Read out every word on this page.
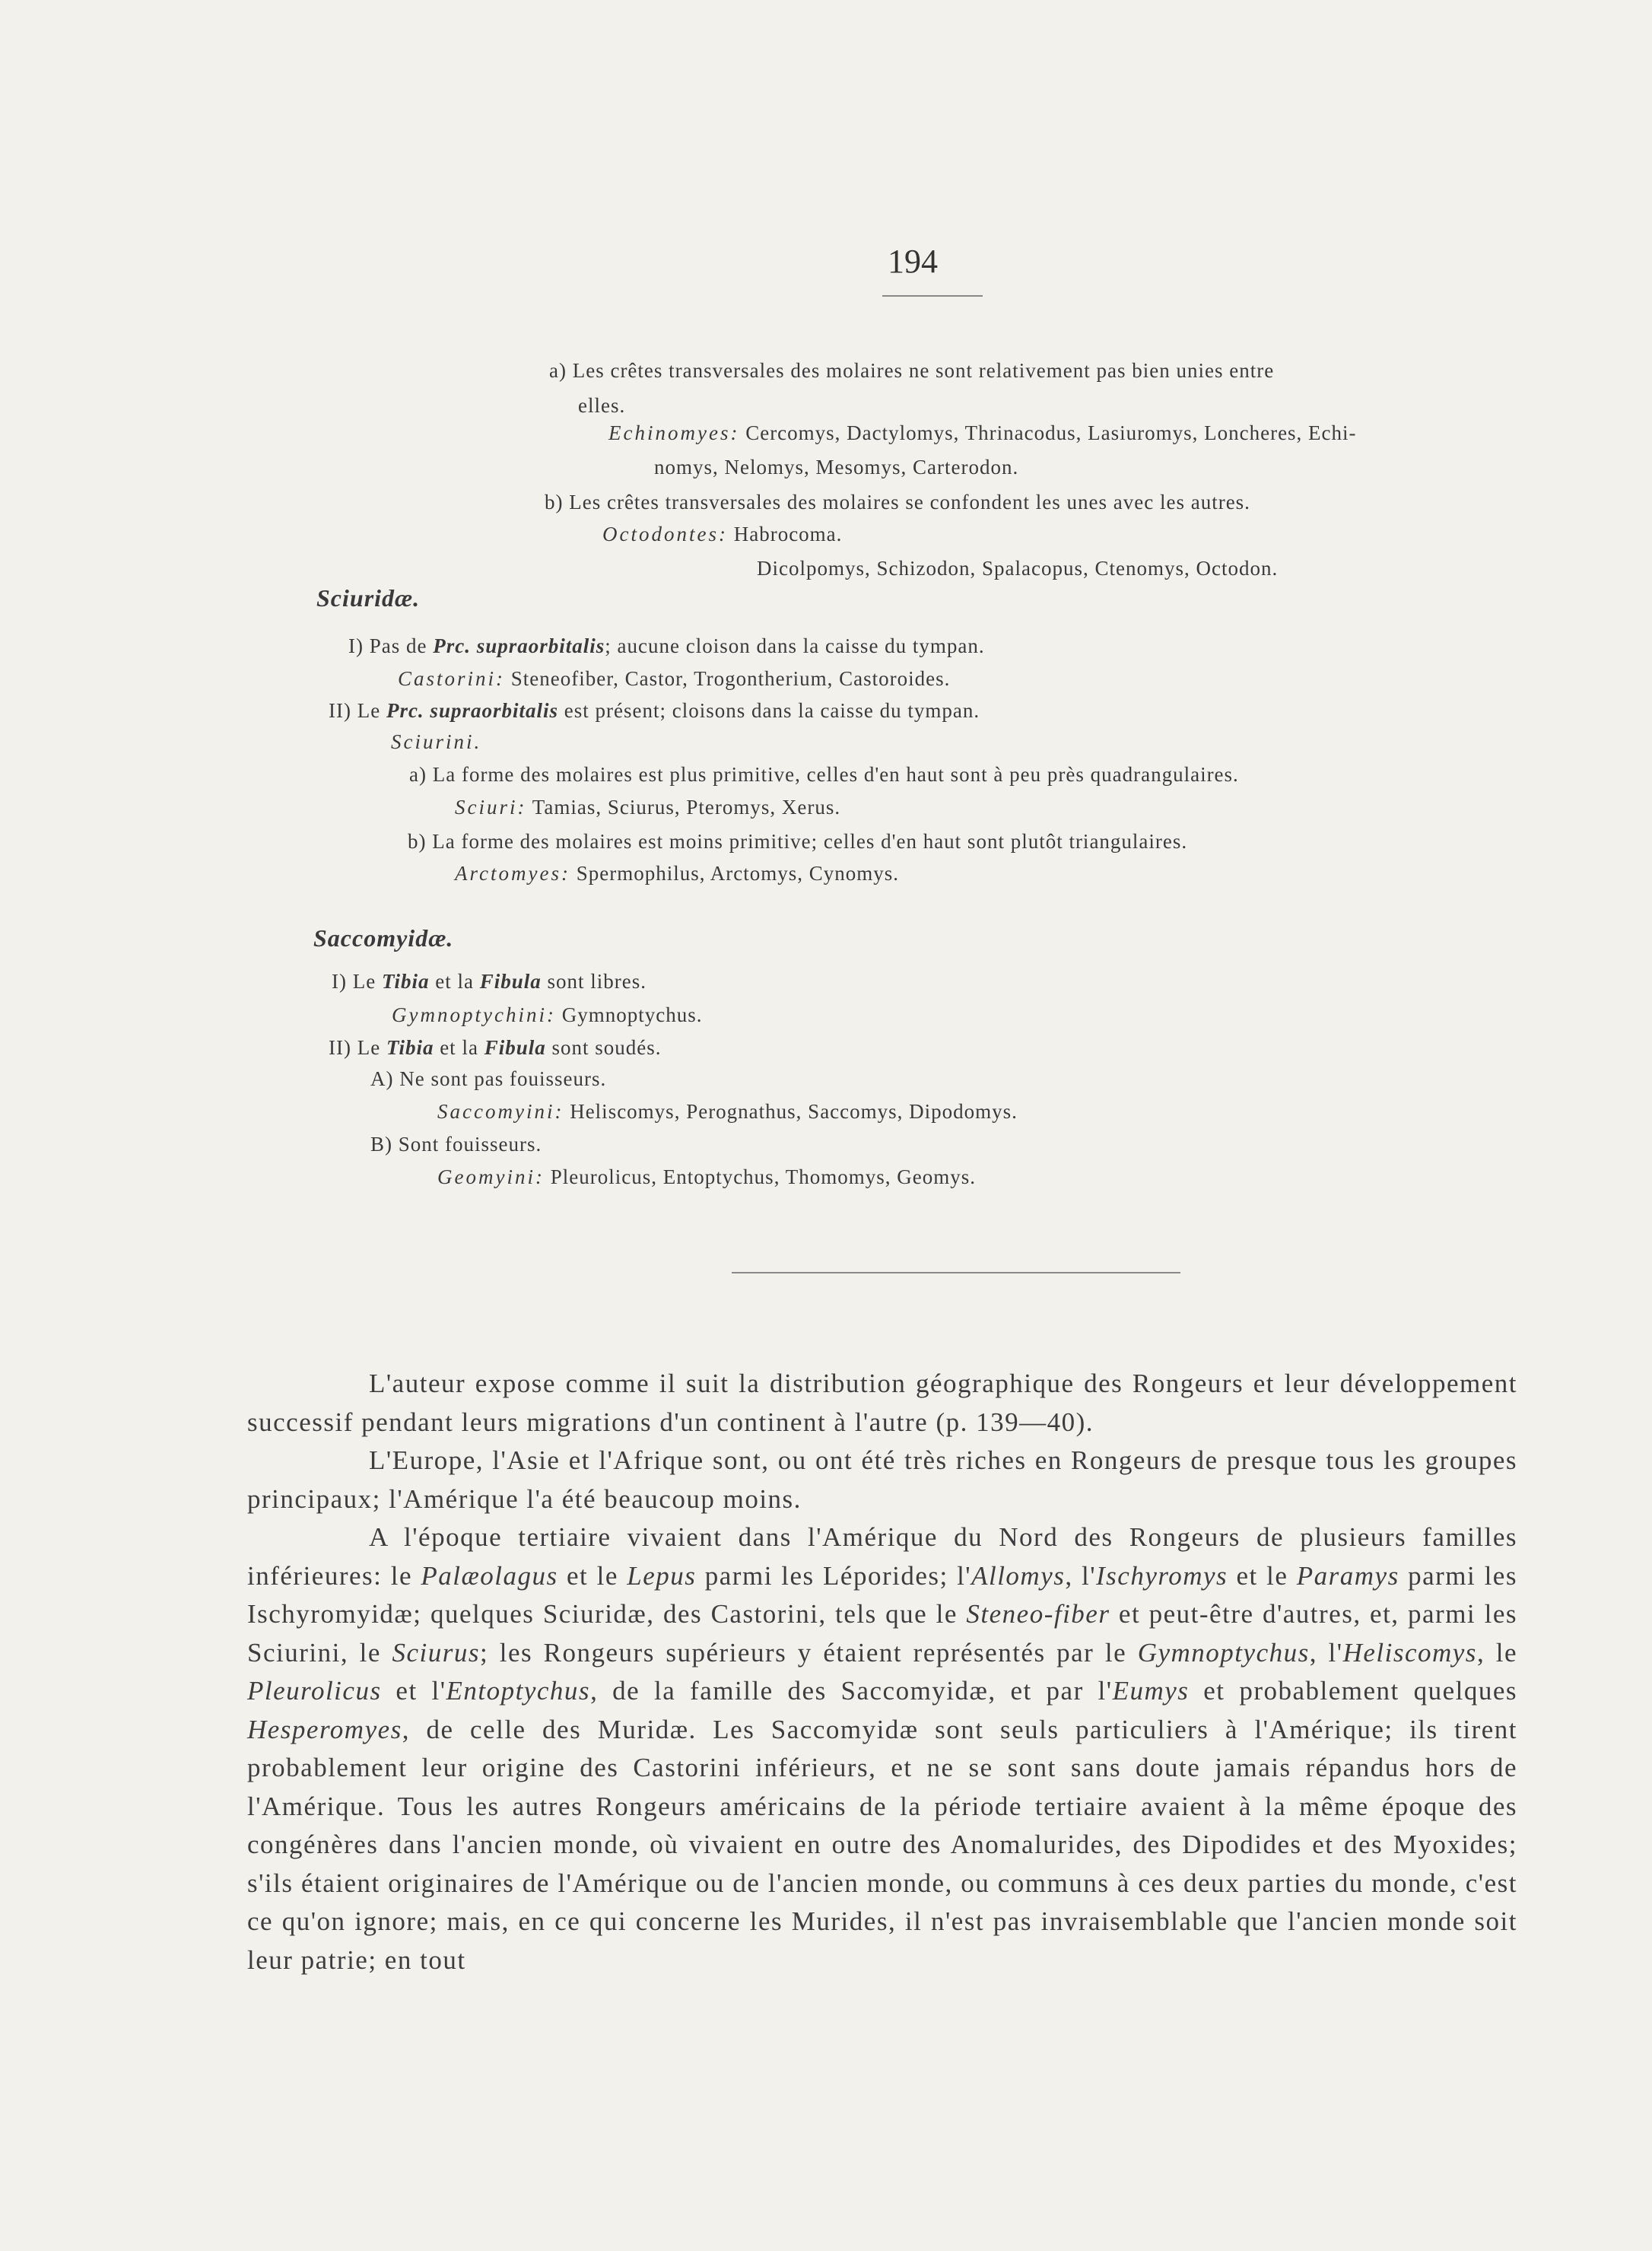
194
a) Les crêtes transversales des molaires ne sont relativement pas bien unies entre
elles.
Echinomyes: Cercomys, Dactylomys, Thrinacodus, Lasiuromys, Loncheres, Echi-
nomys, Nelomys, Mesomys, Carterodon.
b) Les crêtes transversales des molaires se confondent les unes avec les autres.
Octodontes: Habrocoma.
Dicolpomys, Schizodon, Spalacopus, Ctenomys, Octodon.
Sciuridæ.
I) Pas de Prc. supraorbitalis; aucune cloison dans la caisse du tympan.
Castorini: Steneofiber, Castor, Trogontherium, Castoroides.
II) Le Prc. supraorbitalis est présent; cloisons dans la caisse du tympan.
Sciurini.
a) La forme des molaires est plus primitive, celles d'en haut sont à peu près quadrangulaires.
Sciuri: Tamias, Sciurus, Pteromys, Xerus.
b) La forme des molaires est moins primitive; celles d'en haut sont plutôt triangulaires.
Arctomyes: Spermophilus, Arctomys, Cynomys.
Saccomyidæ.
I) Le Tibia et la Fibula sont libres.
Gymnoptychini: Gymnoptychus.
II) Le Tibia et la Fibula sont soudés.
A) Ne sont pas fouisseurs.
Saccomyini: Heliscomys, Perognathus, Saccomys, Dipodomys.
B) Sont fouisseurs.
Geomyini: Pleurolicus, Entoptychus, Thomomys, Geomys.
L'auteur expose comme il suit la distribution géographique des Rongeurs et leur développement successif pendant leurs migrations d'un continent à l'autre (p. 139—40).
L'Europe, l'Asie et l'Afrique sont, ou ont été très riches en Rongeurs de presque tous les groupes principaux; l'Amérique l'a été beaucoup moins.
A l'époque tertiaire vivaient dans l'Amérique du Nord des Rongeurs de plusieurs familles inférieures: le Palæolagus et le Lepus parmi les Léporides; l'Allomys, l'Ischyromys et le Paramys parmi les Ischyromyidæ; quelques Sciuridæ, des Castorini, tels que le Steneo-fiber et peut-être d'autres, et, parmi les Sciurini, le Sciurus; les Rongeurs supérieurs y étaient représentés par le Gymnoptychus, l'Heliscomys, le Pleurolicus et l'Entoptychus, de la famille des Saccomyidæ, et par l'Eumys et probablement quelques Hesperomyes, de celle des Muridæ. Les Saccomyidæ sont seuls particuliers à l'Amérique; ils tirent probablement leur origine des Castorini inférieurs, et ne se sont sans doute jamais répandus hors de l'Amérique. Tous les autres Rongeurs américains de la période tertiaire avaient à la même époque des congénères dans l'ancien monde, où vivaient en outre des Anomalurides, des Dipodides et des Myoxides; s'ils étaient originaires de l'Amérique ou de l'ancien monde, ou communs à ces deux parties du monde, c'est ce qu'on ignore; mais, en ce qui concerne les Murides, il n'est pas invraisemblable que l'ancien monde soit leur patrie; en tout
